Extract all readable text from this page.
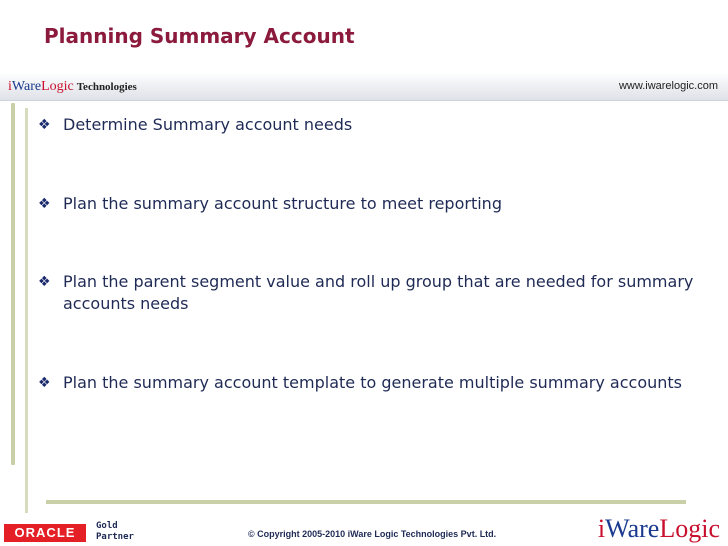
Planning Summary Account
iWareLogic Technologies	www.iwarelogic.com
❖ Determine Summary account needs
❖ Plan the summary account structure to meet reporting
❖ Plan the parent segment value and roll up group that are needed for summary accounts needs
❖ Plan the summary account template to generate multiple summary accounts
ORACLE	Gold
Partner	© Copyright 2005-2010 iWare Logic Technologies Pvt. Ltd.	iWareLogic
